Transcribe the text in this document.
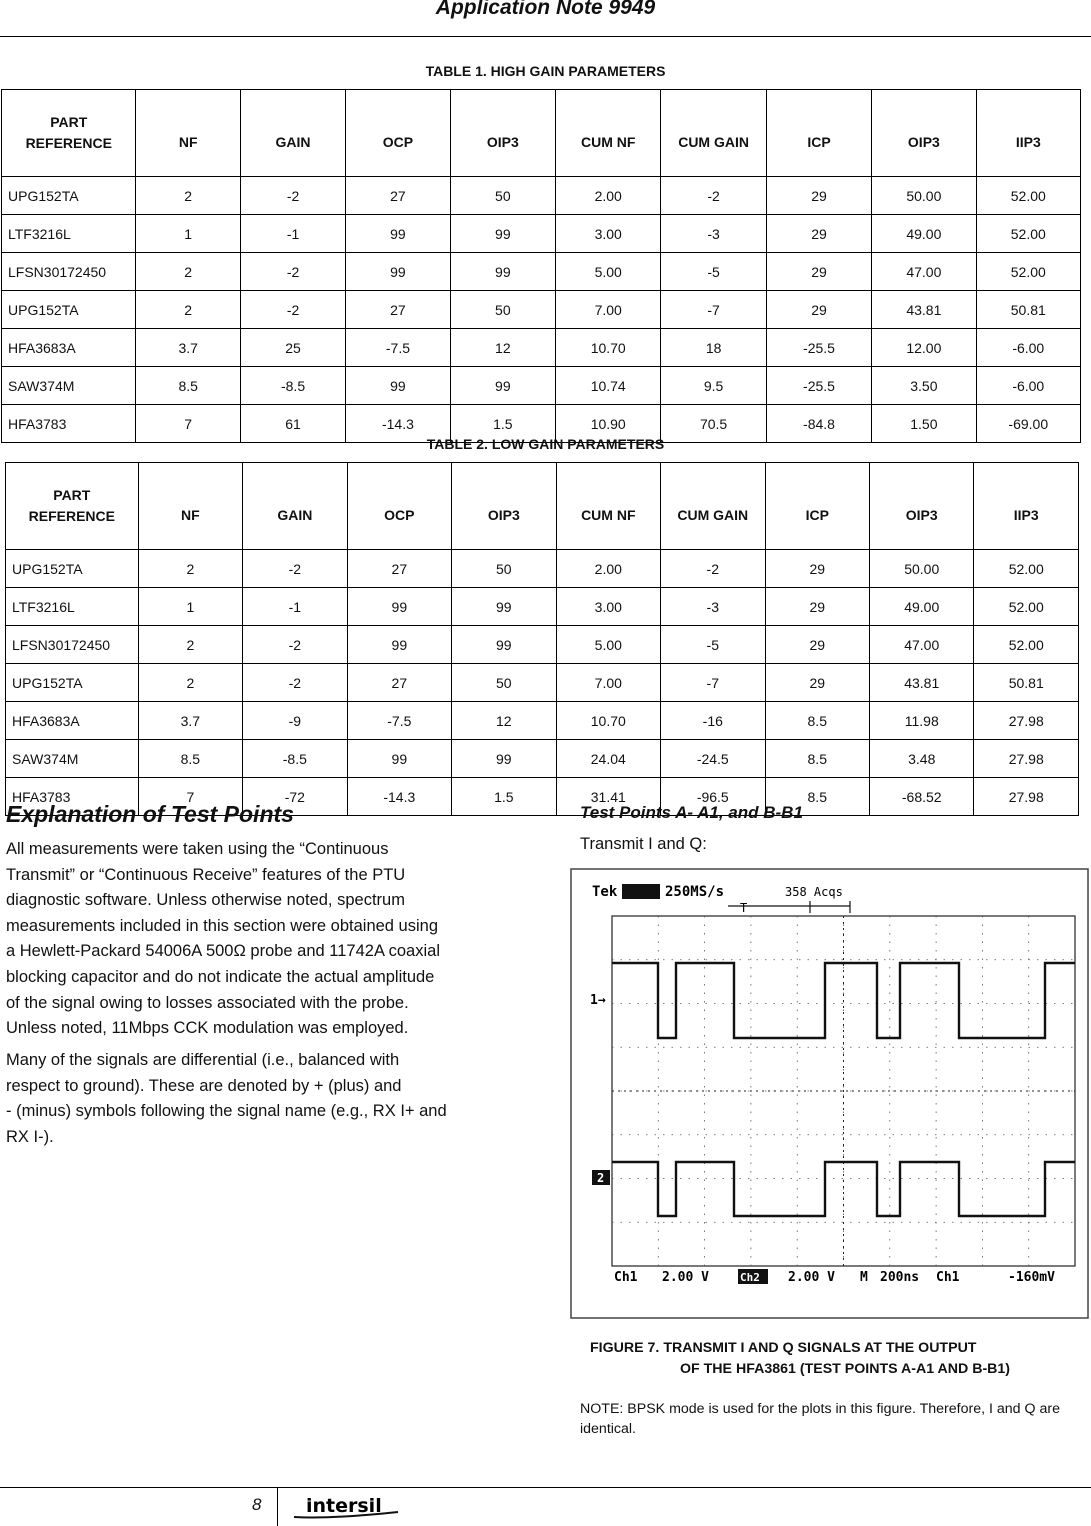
Application Note 9949
TABLE 1. HIGH GAIN PARAMETERS
PART
REFERENCE	NF	GAIN	OCP	OIP3	CUM NF	CUM GAIN	ICP	OIP3	IIP3
UPG152TA	2	-2	27	50	2.00	-2	29	50.00	52.00
LTF3216L	1	-1	99	99	3.00	-3	29	49.00	52.00
LFSN30172450	2	-2	99	99	5.00	-5	29	47.00	52.00
UPG152TA	2	-2	27	50	7.00	-7	29	43.81	50.81
HFA3683A	3.7	25	-7.5	12	10.70	18	-25.5	12.00	-6.00
SAW374M	8.5	-8.5	99	99	10.74	9.5	-25.5	3.50	-6.00
HFA3783	7	61	-14.3	1.5	10.90	70.5	-84.8	1.50	-69.00
TABLE 2. LOW GAIN PARAMETERS
PART
REFERENCE	NF	GAIN	OCP	OIP3	CUM NF	CUM GAIN	ICP	OIP3	IIP3
UPG152TA	2	-2	27	50	2.00	-2	29	50.00	52.00
LTF3216L	1	-1	99	99	3.00	-3	29	49.00	52.00
LFSN30172450	2	-2	99	99	5.00	-5	29	47.00	52.00
UPG152TA	2	-2	27	50	7.00	-7	29	43.81	50.81
HFA3683A	3.7	-9	-7.5	12	10.70	-16	8.5	11.98	27.98
SAW374M	8.5	-8.5	99	99	24.04	-24.5	8.5	3.48	27.98
HFA3783	7	-72	-14.3	1.5	31.41	-96.5	8.5	-68.52	27.98
Explanation of Test Points
All measurements were taken using the “Continuous
Transmit” or “Continuous Receive” features of the PTU
diagnostic software. Unless otherwise noted, spectrum
measurements included in this section were obtained using
a Hewlett-Packard 54006A 500Ω probe and 11742A coaxial
blocking capacitor and do not indicate the actual amplitude
of the signal owing to losses associated with the probe.
Unless noted, 11Mbps CCK modulation was employed.
Many of the signals are differential (i.e., balanced with
respect to ground). These are denoted by + (plus) and
- (minus) symbols following the signal name (e.g., RX I+ and
RX I-).
Test Points A- A1, and B-B1
Transmit I and Q:
Tek	250MS/s	358 Acqs
T
1→
2
Ch1 2.00 V	Ch2 2.00 V M 200ns Ch1	-160mV
FIGURE 7. TRANSMIT I AND Q SIGNALS AT THE OUTPUT
OF THE HFA3861 (TEST POINTS A-A1 AND B-B1)

NOTE: BPSK mode is used for the plots in this figure. Therefore, I and Q are identical.

8 intersil
